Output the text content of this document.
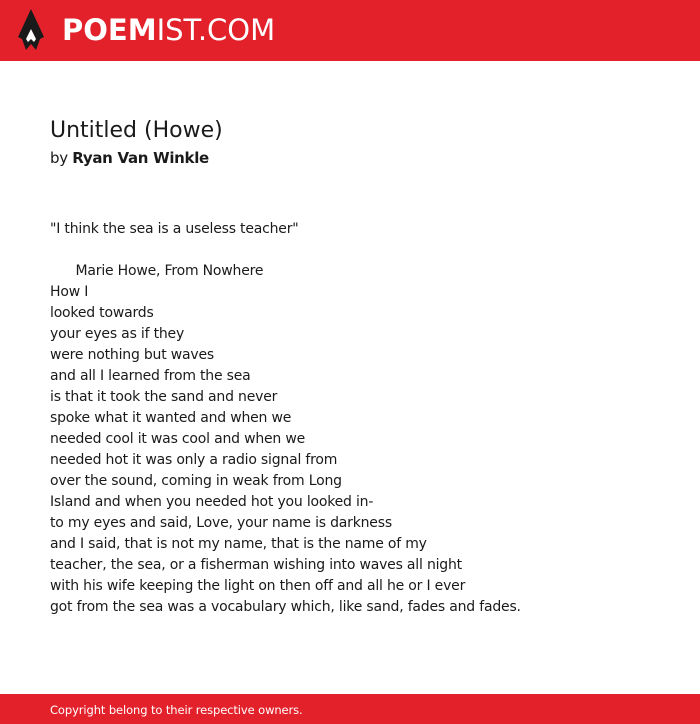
POEMIST.COM
Untitled (Howe)

by Ryan Van Winkle

"I think the sea is a useless teacher"
Marie Howe, From Nowhere
How I
looked towards
your eyes as if they
were nothing but waves
and all I learned from the sea
is that it took the sand and never
spoke what it wanted and when we
needed cool it was cool and when we
needed hot it was only a radio signal from
over the sound, coming in weak from Long
Island and when you needed hot you looked in-
to my eyes and said, Love, your name is darkness
and I said, that is not my name, that is the name of my
teacher, the sea, or a fisherman wishing into waves all night
with his wife keeping the light on then off and all he or I ever
got from the sea was a vocabulary which, like sand, fades and fades.
Copyright belong to their respective owners.
